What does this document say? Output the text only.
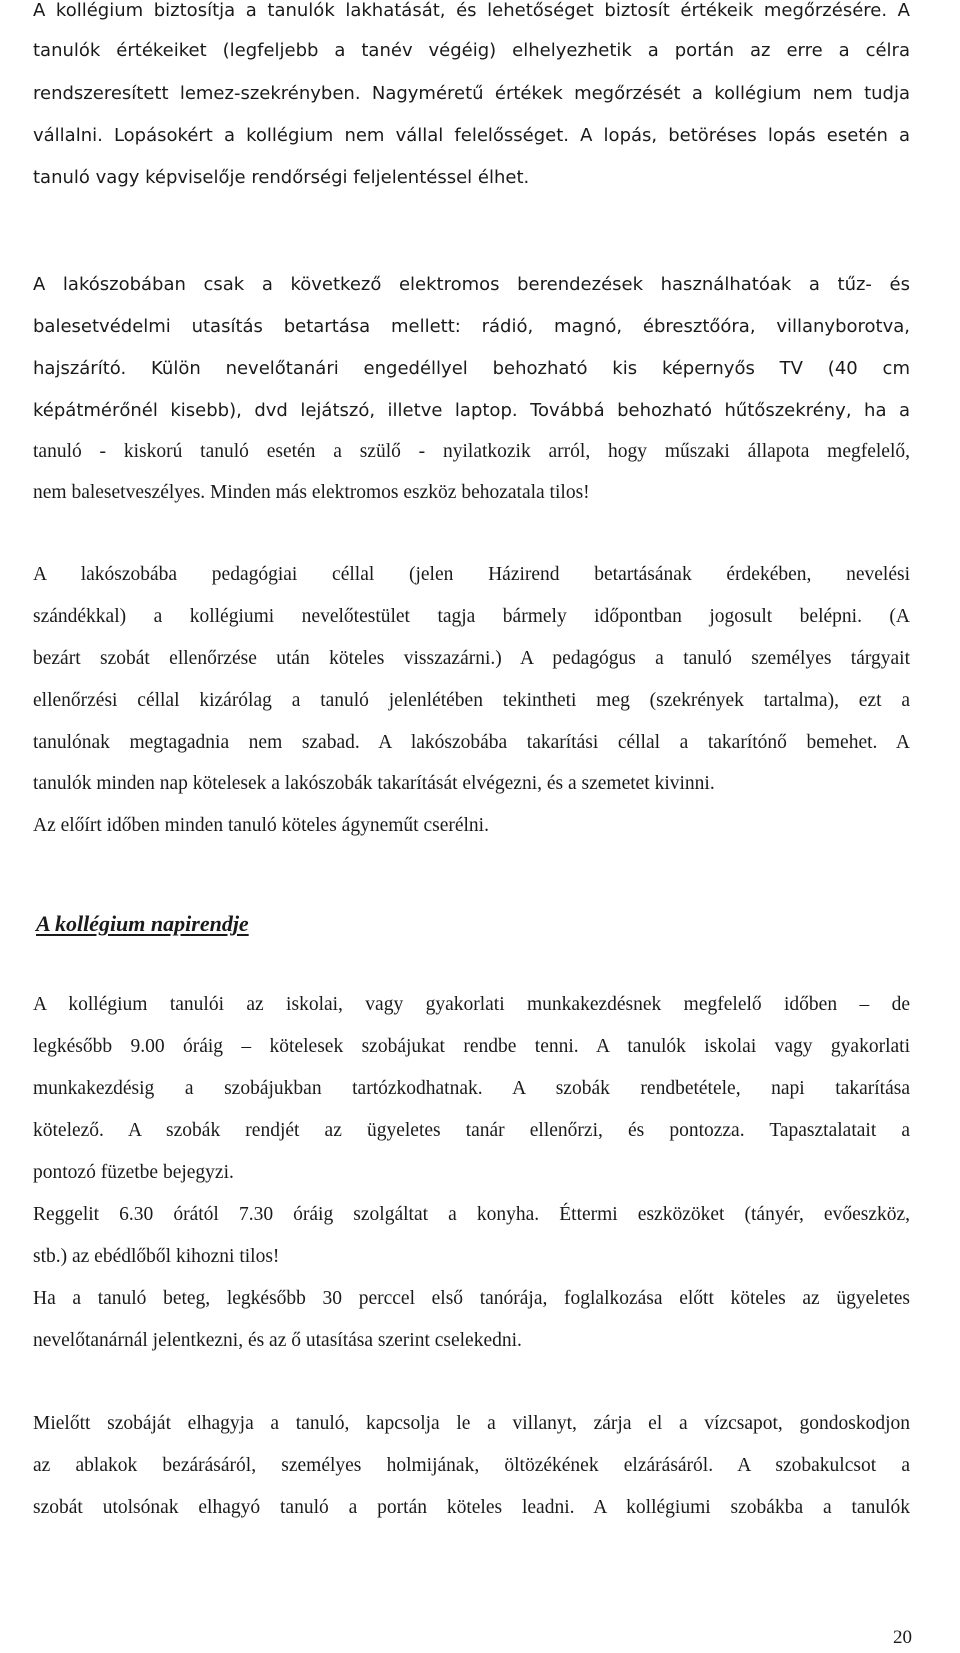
A kollégium biztosítja a tanulók lakhatását, és lehetőséget biztosít értékeik megőrzésére. A
tanulók értékeiket (legfeljebb a tanév végéig) elhelyezhetik a portán az erre a célra
rendszeresített lemez-szekrényben. Nagyméretű értékek megőrzését a kollégium nem tudja
vállalni. Lopásokért a kollégium nem vállal felelősséget. A lopás, betöréses lopás esetén a
tanuló vagy képviselője rendőrségi feljelentéssel élhet.
A lakószobában csak a következő elektromos berendezések használhatóak a tűz- és
balesetvédelmi utasítás betartása mellett: rádió, magnó, ébresztőóra, villanyborotva,
hajszárító. Külön nevelőtanári engedéllyel behozható kis képernyős TV (40 cm
képátmérőnél kisebb), dvd lejátszó, illetve laptop. Továbbá behozható hűtőszekrény, ha a
tanuló - kiskorú tanuló esetén a szülő - nyilatkozik arról, hogy műszaki állapota megfelelő,
nem balesetveszélyes. Minden más elektromos eszköz behozatala tilos!
A lakószobába pedagógiai céllal (jelen Házirend betartásának érdekében, nevelési
szándékkal) a kollégiumi nevelőtestület tagja bármely időpontban jogosult belépni. (A
bezárt szobát ellenőrzése után köteles visszazárni.) A pedagógus a tanuló személyes tárgyait
ellenőrzési céllal kizárólag a tanuló jelenlétében tekintheti meg (szekrények tartalma), ezt a
tanulónak megtagadnia nem szabad. A lakószobába takarítási céllal a takarítónő bemehet. A
tanulók minden nap kötelesek a lakószobák takarítását elvégezni, és a szemetet kivinni.
Az előírt időben minden tanuló köteles ágyneműt cserélni.
A kollégium napirendje
A kollégium tanulói az iskolai, vagy gyakorlati munkakezdésnek megfelelő időben – de
legkésőbb 9.00 óráig – kötelesek szobájukat rendbe tenni. A tanulók iskolai vagy gyakorlati
munkakezdésig a szobájukban tartózkodhatnak. A szobák rendbetétele, napi takarítása
kötelező. A szobák rendjét az ügyeletes tanár ellenőrzi, és pontozza. Tapasztalatait a
pontozó füzetbe bejegyzi.
Reggelit 6.30 órától 7.30 óráig szolgáltat a konyha. Éttermi eszközöket (tányér, evőeszköz,
stb.) az ebédlőből kihozni tilos!
Ha a tanuló beteg, legkésőbb 30 perccel első tanórája, foglalkozása előtt köteles az ügyeletes
nevelőtanárnál jelentkezni, és az ő utasítása szerint cselekedni.
Mielőtt szobáját elhagyja a tanuló, kapcsolja le a villanyt, zárja el a vízcsapot, gondoskodjon
az ablakok bezárásáról, személyes holmijának, öltözékének elzárásáról. A szobakulcsot a
szobát utolsónak elhagyó tanuló a portán köteles leadni. A kollégiumi szobákba a tanulók
20
